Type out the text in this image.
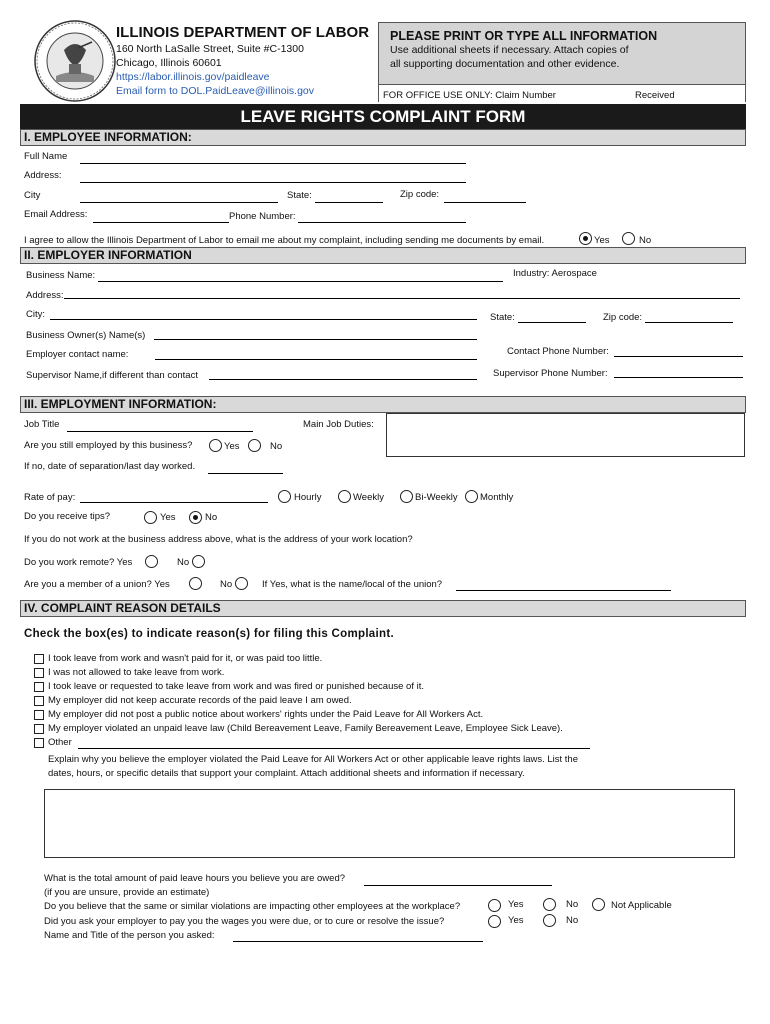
ILLINOIS DEPARTMENT OF LABOR
160 North LaSalle Street, Suite #C-1300
Chicago, Illinois 60601
https://labor.illinois.gov/paidleave
Email form to DOL.PaidLeave@illinois.gov
PLEASE PRINT OR TYPE ALL INFORMATION
Use additional sheets if necessary. Attach copies of
all supporting documentation and other evidence.
FOR OFFICE USE ONLY: Claim Number	Received
LEAVE RIGHTS COMPLAINT FORM
I. EMPLOYEE INFORMATION:
Full Name
Address:
City	State:	Zip code:
Email Address:	Phone Number:
I agree to allow the Illinois Department of Labor to email me about my complaint, including sending me documents by email.	Yes	No
II. EMPLOYER INFORMATION
Business Name:	Industry: Aerospace
Address:
City:	State:	Zip code:
Business Owner(s) Name(s)
Employer contact name:	Contact Phone Number:
Supervisor Name,if different than contact	Supervisor Phone Number:
III. EMPLOYMENT INFORMATION:
Job Title	Main Job Duties:
Are you still employed by this business?	Yes	No
If no, date of separation/last day worked.
Rate of pay:	Hourly	Weekly	Bi-Weekly Monthly
Do you receive tips?	Yes	No
If you do not work at the business address above, what is the address of your work location?
Do you work remote? Yes	No
Are you a member of a union? Yes	No	If Yes, what is the name/local of the union?
IV. COMPLAINT REASON DETAILS
Check the box(es) to indicate reason(s) for filing this Complaint.
I took leave from work and wasn't paid for it, or was paid too little.
I was not allowed to take leave from work.
I took leave or requested to take leave from work and was fired or punished because of it.
My employer did not keep accurate records of the paid leave I am owed.
My employer did not post a public notice about workers' rights under the Paid Leave for All Workers Act.
My employer violated an unpaid leave law (Child Bereavement Leave, Family Bereavement Leave, Employee Sick Leave).
Other
Explain why you believe the employer violated the Paid Leave for All Workers Act or other applicable leave rights laws. List the
dates, hours, or specific details that support your complaint. Attach additional sheets and information if necessary.
What is the total amount of paid leave hours you believe you are owed?
(if you are unsure, provide an estimate)
Do you believe that the same or similar violations are impacting other employees at the workplace?	Yes	No	Not Applicable
Did you ask your employer to pay you the wages you were due, or to cure or resolve the issue?	Yes	No
Name and Title of the person you asked:
